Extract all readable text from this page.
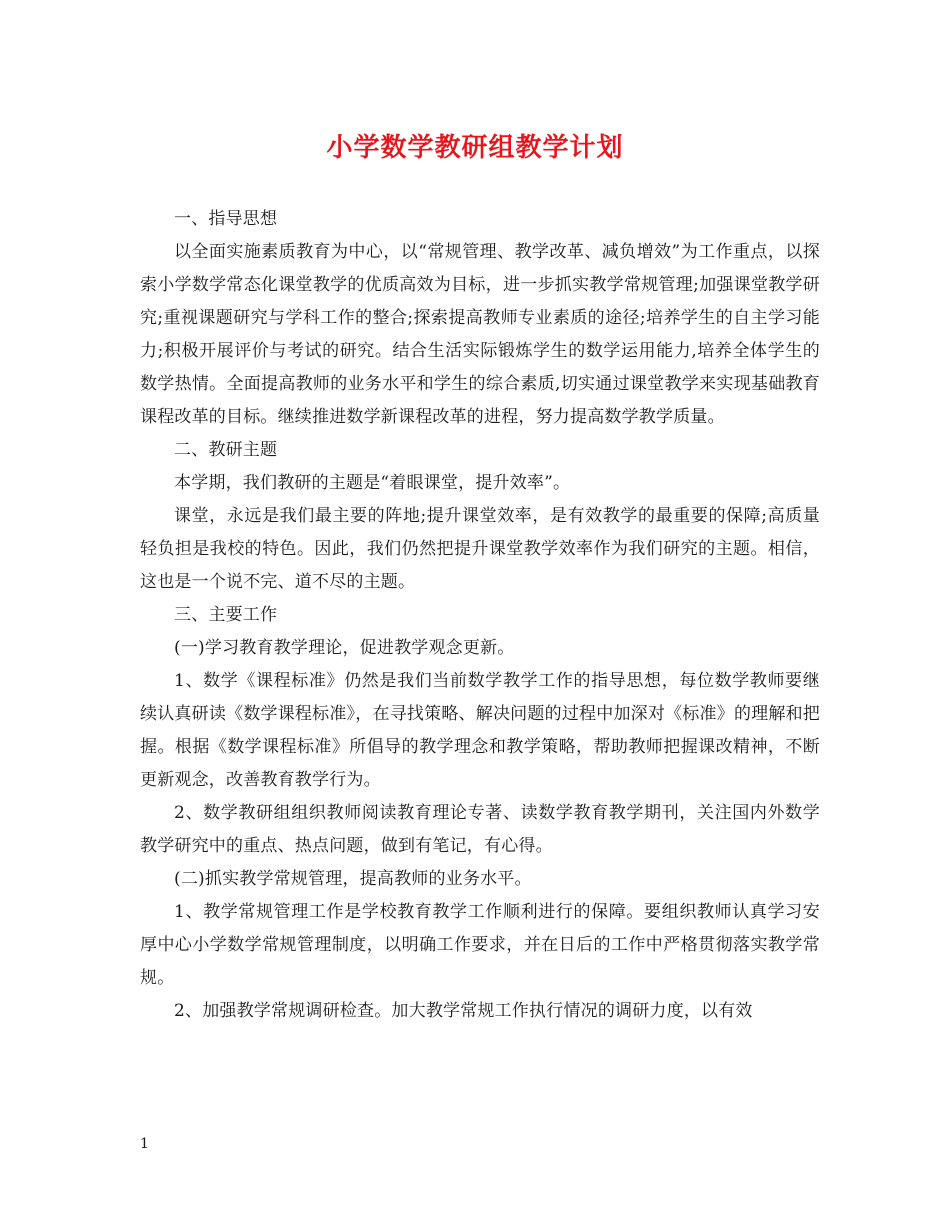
小学数学教研组教学计划

一、指导思想

以全面实施素质教育为中心，以“常规管理、教学改革、减负增效”为工作重点，以探索小学数学常态化课堂教学的优质高效为目标，进一步抓实教学常规管理;加强课堂教学研究;重视课题研究与学科工作的整合;探索提高教师专业素质的途径;培养学生的自主学习能力;积极开展评价与考试的研究。结合生活实际锻炼学生的数学运用能力,培养全体学生的数学热情。全面提高教师的业务水平和学生的综合素质,切实通过课堂教学来实现基础教育课程改革的目标。继续推进数学新课程改革的进程，努力提高数学教学质量。

二、教研主题

本学期，我们教研的主题是“着眼课堂，提升效率”。

课堂，永远是我们最主要的阵地;提升课堂效率，是有效教学的最重要的保障;高质量轻负担是我校的特色。因此，我们仍然把提升课堂教学效率作为我们研究的主题。相信，这也是一个说不完、道不尽的主题。

三、主要工作

(一)学习教育教学理论，促进教学观念更新。

1、数学《课程标准》仍然是我们当前数学教学工作的指导思想，每位数学教师要继续认真研读《数学课程标准》，在寻找策略、解决问题的过程中加深对《标准》的理解和把握。根据《数学课程标准》所倡导的教学理念和教学策略，帮助教师把握课改精神，不断更新观念，改善教育教学行为。

2、数学教研组组织教师阅读教育理论专著、读数学教育教学期刊，关注国内外数学教学研究中的重点、热点问题，做到有笔记，有心得。

(二)抓实教学常规管理，提高教师的业务水平。

1、教学常规管理工作是学校教育教学工作顺利进行的保障。要组织教师认真学习安厚中心小学数学常规管理制度，以明确工作要求，并在日后的工作中严格贯彻落实教学常规。

2、加强教学常规调研检查。加大教学常规工作执行情况的调研力度，以有效

1
